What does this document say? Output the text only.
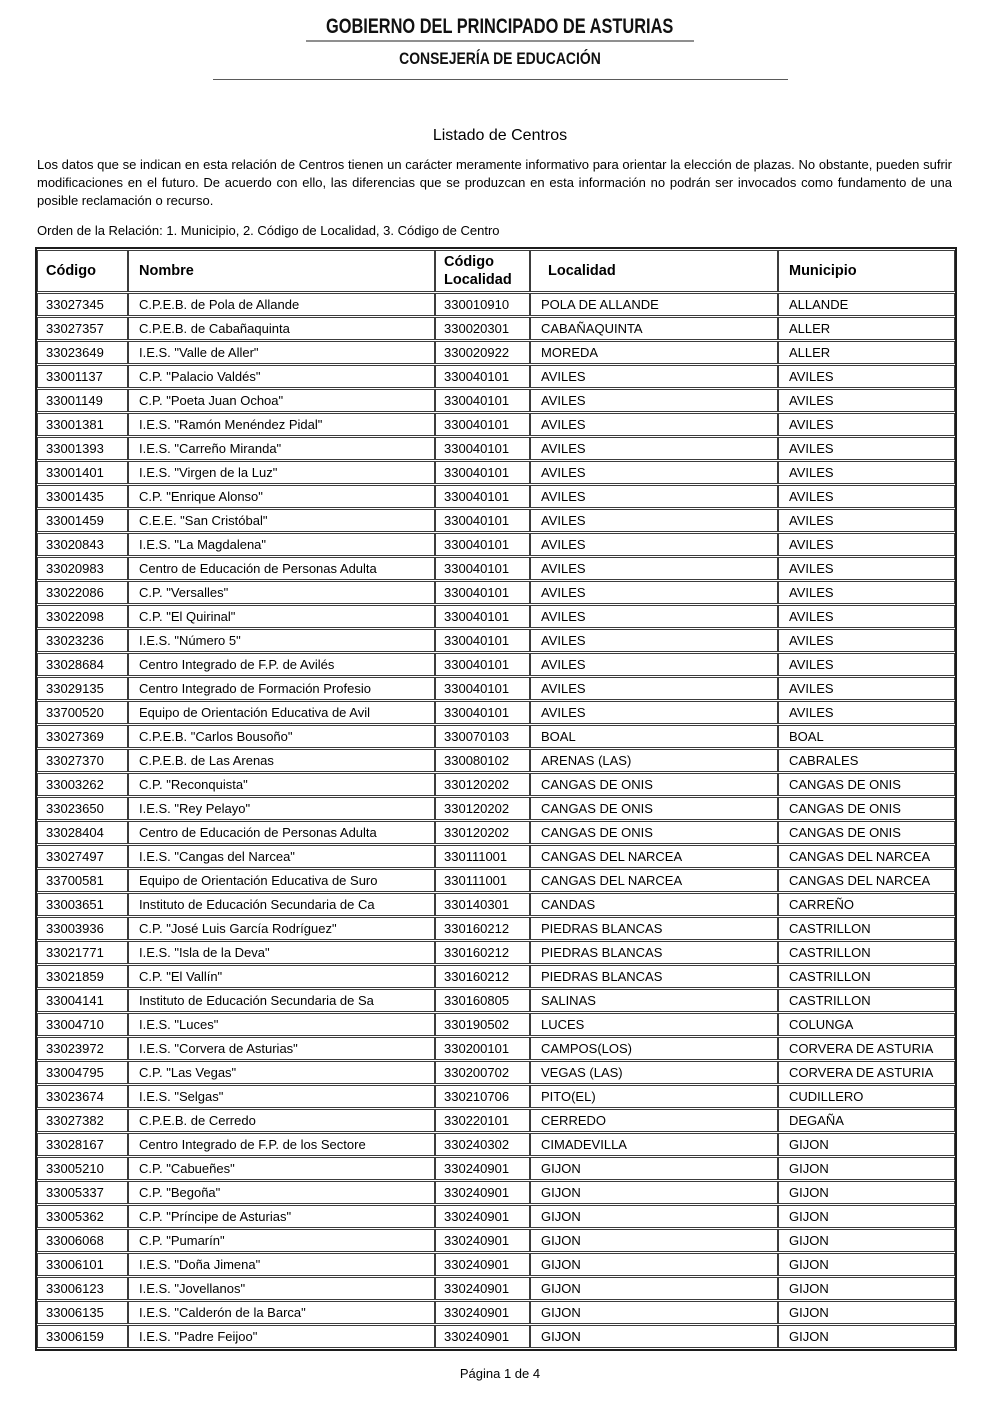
GOBIERNO DEL PRINCIPADO DE ASTURIAS
CONSEJERÍA DE EDUCACIÓN
Listado de Centros

Los datos que se indican en esta relación de Centros tienen un carácter meramente informativo para orientar la elección de plazas. No obstante, pueden sufrir modificaciones en el futuro. De acuerdo con ello, las diferencias que se produzcan en esta información no podrán ser invocados como fundamento de una posible reclamación o recurso.

Orden de la Relación: 1. Municipio, 2. Código de Localidad, 3. Código de Centro

Código	Nombre	Código Localidad	Localidad	Municipio
33027345	C.P.E.B. de Pola de Allande	330010910	POLA DE ALLANDE	ALLANDE
33027357	C.P.E.B. de Cabañaquinta	330020301	CABAÑAQUINTA	ALLER
33023649	I.E.S. "Valle de Aller"	330020922	MOREDA	ALLER
33001137	C.P. "Palacio Valdés"	330040101	AVILES	AVILES
33001149	C.P. "Poeta Juan Ochoa"	330040101	AVILES	AVILES
33001381	I.E.S. "Ramón Menéndez Pidal"	330040101	AVILES	AVILES
33001393	I.E.S. "Carreño Miranda"	330040101	AVILES	AVILES
33001401	I.E.S. "Virgen de la Luz"	330040101	AVILES	AVILES
33001435	C.P. "Enrique Alonso"	330040101	AVILES	AVILES
33001459	C.E.E. "San Cristóbal"	330040101	AVILES	AVILES
33020843	I.E.S. "La Magdalena"	330040101	AVILES	AVILES
33020983	Centro de Educación de Personas Adulta	330040101	AVILES	AVILES
33022086	C.P. "Versalles"	330040101	AVILES	AVILES
33022098	C.P. "El Quirinal"	330040101	AVILES	AVILES
33023236	I.E.S. "Número 5"	330040101	AVILES	AVILES
33028684	Centro Integrado de F.P. de Avilés	330040101	AVILES	AVILES
33029135	Centro Integrado de Formación Profesio	330040101	AVILES	AVILES
33700520	Equipo de Orientación Educativa de Avil	330040101	AVILES	AVILES
33027369	C.P.E.B. "Carlos Bousoño"	330070103	BOAL	BOAL
33027370	C.P.E.B. de Las Arenas	330080102	ARENAS (LAS)	CABRALES
33003262	C.P. "Reconquista"	330120202	CANGAS DE ONIS	CANGAS DE ONIS
33023650	I.E.S. "Rey Pelayo"	330120202	CANGAS DE ONIS	CANGAS DE ONIS
33028404	Centro de Educación de Personas Adulta	330120202	CANGAS DE ONIS	CANGAS DE ONIS
33027497	I.E.S. "Cangas del Narcea"	330111001	CANGAS DEL NARCEA	CANGAS DEL NARCEA
33700581	Equipo de Orientación Educativa de Suro	330111001	CANGAS DEL NARCEA	CANGAS DEL NARCEA
33003651	Instituto de Educación Secundaria de Ca	330140301	CANDAS	CARREÑO
33003936	C.P. "José Luis García Rodríguez"	330160212	PIEDRAS BLANCAS	CASTRILLON
33021771	I.E.S. "Isla de la Deva"	330160212	PIEDRAS BLANCAS	CASTRILLON
33021859	C.P. "El Vallín"	330160212	PIEDRAS BLANCAS	CASTRILLON
33004141	Instituto de Educación Secundaria de Sa	330160805	SALINAS	CASTRILLON
33004710	I.E.S. "Luces"	330190502	LUCES	COLUNGA
33023972	I.E.S. "Corvera de Asturias"	330200101	CAMPOS(LOS)	CORVERA DE ASTURIA
33004795	C.P. "Las Vegas"	330200702	VEGAS (LAS)	CORVERA DE ASTURIA
33023674	I.E.S. "Selgas"	330210706	PITO(EL)	CUDILLERO
33027382	C.P.E.B. de Cerredo	330220101	CERREDO	DEGAÑA
33028167	Centro Integrado de F.P. de los Sectore	330240302	CIMADEVILLA	GIJON
33005210	C.P. "Cabueñes"	330240901	GIJON	GIJON
33005337	C.P. "Begoña"	330240901	GIJON	GIJON
33005362	C.P. "Príncipe de Asturias"	330240901	GIJON	GIJON
33006068	C.P. "Pumarín"	330240901	GIJON	GIJON
33006101	I.E.S. "Doña Jimena"	330240901	GIJON	GIJON
33006123	I.E.S. "Jovellanos"	330240901	GIJON	GIJON
33006135	I.E.S. "Calderón de la Barca"	330240901	GIJON	GIJON
33006159	I.E.S. "Padre Feijoo"	330240901	GIJON	GIJON
Página 1 de 4
